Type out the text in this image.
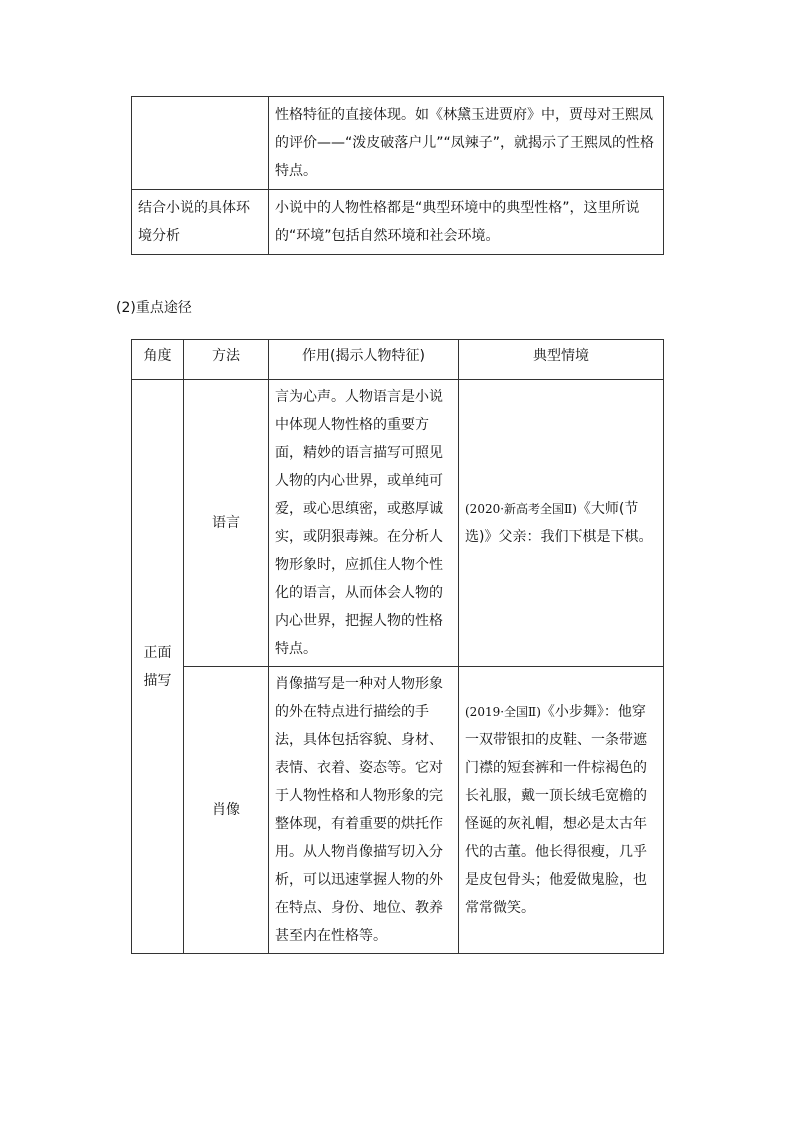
	性格特征的直接体现。如《林黛玉进贾府》中，贾母对王熙凤的评价——“泼皮破落户儿”“凤辣子”，就揭示了王熙凤的性格特点。
结合小说的具体环境分析	小说中的人物性格都是“典型环境中的典型性格”，这里所说的“环境”包括自然环境和社会环境。
(2)重点途径
角度	方法	作用(揭示人物特征)	典型情境
正面描写	语言	言为心声。人物语言是小说中体现人物性格的重要方面，精妙的语言描写可照见人物的内心世界，或单纯可爱，或心思缜密，或憨厚诚实，或阴狠毒辣。在分析人物形象时，应抓住人物个性化的语言，从而体会人物的内心世界，把握人物的性格特点。	(2020·新高考全国Ⅱ)《大师(节选)》父亲：我们下棋是下棋。
	肖像	肖像描写是一种对人物形象的外在特点进行描绘的手法，具体包括容貌、身材、表情、衣着、姿态等。它对于人物性格和人物形象的完整体现，有着重要的烘托作用。从人物肖像描写切入分析，可以迅速掌握人物的外在特点、身份、地位、教养甚至内在性格等。	(2019·全国Ⅱ)《小步舞》：他穿一双带银扣的皮鞋、一条带遮门襟的短套裤和一件棕褐色的长礼服，戴一顶长绒毛宽檐的怪诞的灰礼帽，想必是太古年代的古董。他长得很瘦，几乎是皮包骨头；他爱做鬼脸，也常常微笑。
